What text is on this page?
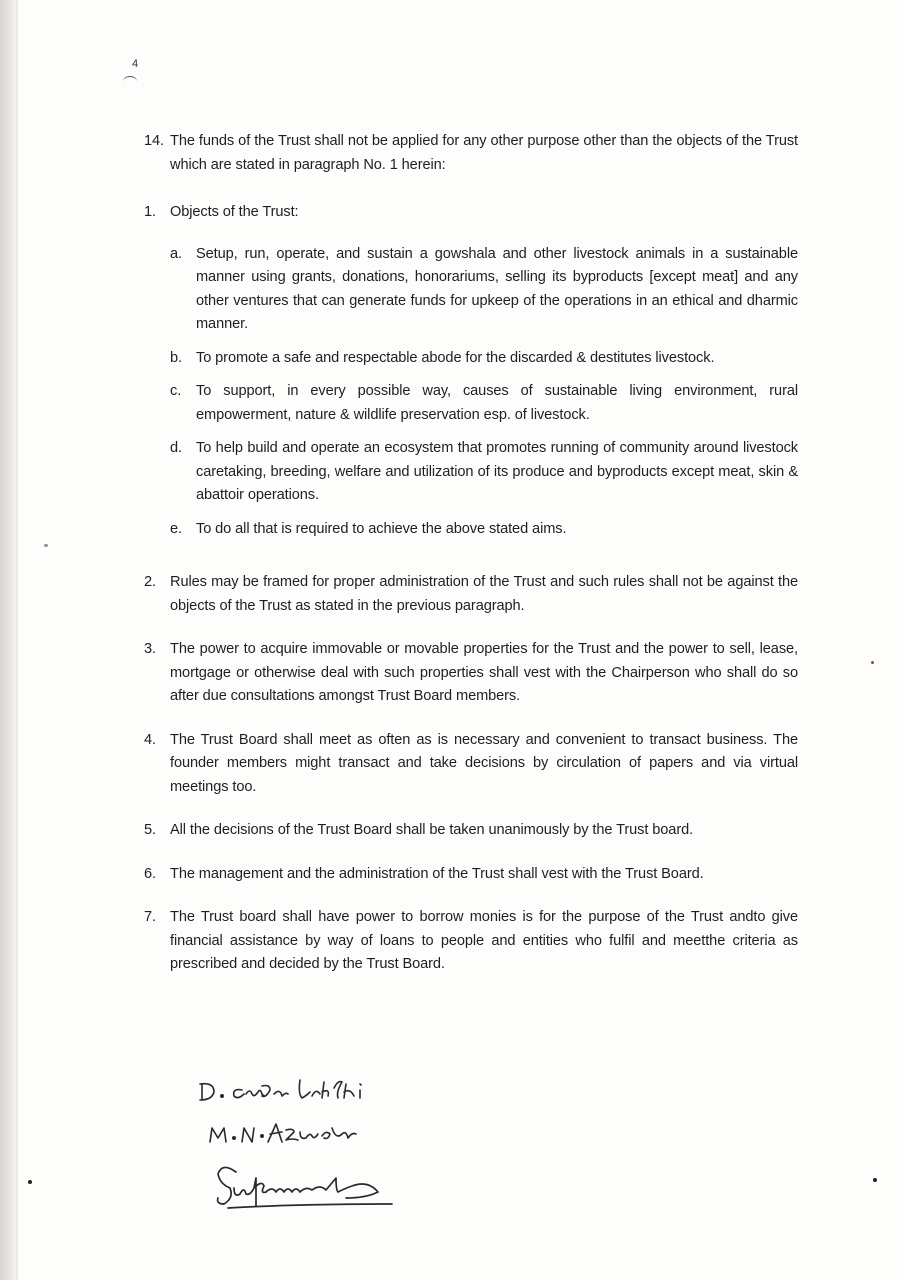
4
14. The funds of the Trust shall not be applied for any other purpose other than the objects of the Trust which are stated in paragraph No. 1 herein:
1. Objects of the Trust:
a. Setup, run, operate, and sustain a gowshala and other livestock animals in a sustainable manner using grants, donations, honorariums, selling its byproducts [except meat] and any other ventures that can generate funds for upkeep of the operations in an ethical and dharmic manner.
b. To promote a safe and respectable abode for the discarded & destitutes livestock.
c.	To support, in every possible way, causes of sustainable living environment, rural empowerment, nature & wildlife preservation esp. of livestock.
d. To help build and operate an ecosystem that promotes running of community around livestock caretaking, breeding, welfare and utilization of its produce and byproducts except meat, skin & abattoir operations.
e. To do all that is required to achieve the above stated aims.
2. Rules may be framed for proper administration of the Trust and such rules shall not be against the objects of the Trust as stated in the previous paragraph.
3. The power to acquire immovable or movable properties for the Trust and the power to sell, lease, mortgage or otherwise deal with such properties shall vest with the Chairperson who shall do so after due consultations amongst Trust Board members.
4. The Trust Board shall meet as often as is necessary and convenient to transact business. The founder members might transact and take decisions by circulation of papers and via virtual meetings too.
5. All the decisions of the Trust Board shall be taken unanimously by the Trust board.
6. The management and the administration of the Trust shall vest with the Trust Board.
7. The Trust board shall have power to borrow monies is for the purpose of the Trust andto give financial assistance by way of loans to people and entities who fulfil and meetthe criteria as prescribed and decided by the Trust Board.
